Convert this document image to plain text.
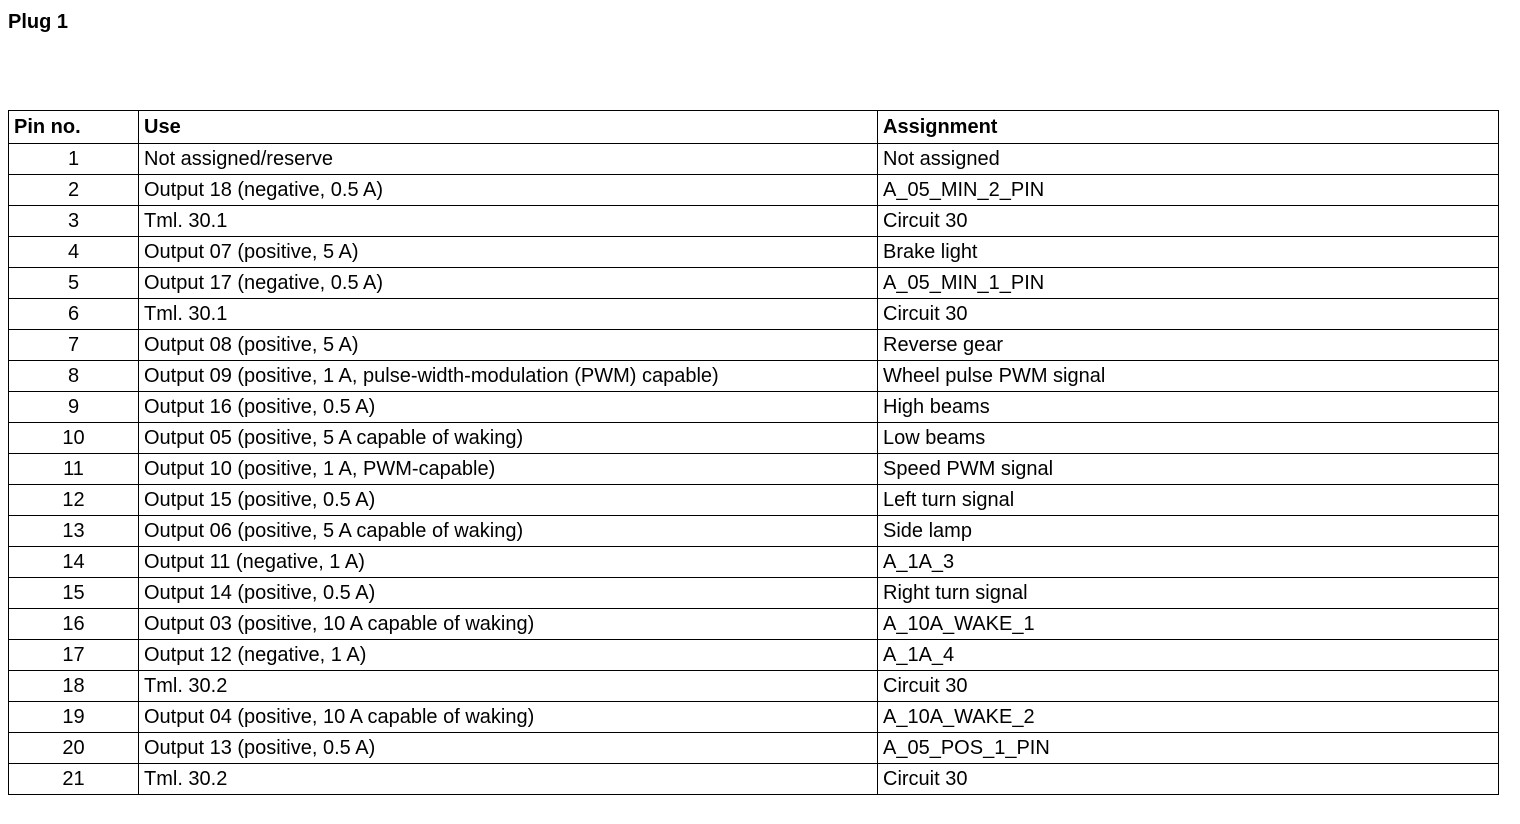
Plug 1
Pin no.	Use	Assignment
1	Not assigned/reserve	Not assigned
2	Output 18 (negative, 0.5 A)	A_05_MIN_2_PIN
3	Tml. 30.1	Circuit 30
4	Output 07 (positive, 5 A)	Brake light
5	Output 17 (negative, 0.5 A)	A_05_MIN_1_PIN
6	Tml. 30.1	Circuit 30
7	Output 08 (positive, 5 A)	Reverse gear
8	Output 09 (positive, 1 A, pulse-width-modulation (PWM) capable)	Wheel pulse PWM signal
9	Output 16 (positive, 0.5 A)	High beams
10	Output 05 (positive, 5 A capable of waking)	Low beams
11	Output 10 (positive, 1 A, PWM-capable)	Speed PWM signal
12	Output 15 (positive, 0.5 A)	Left turn signal
13	Output 06 (positive, 5 A capable of waking)	Side lamp
14	Output 11 (negative, 1 A)	A_1A_3
15	Output 14 (positive, 0.5 A)	Right turn signal
16	Output 03 (positive, 10 A capable of waking)	A_10A_WAKE_1
17	Output 12 (negative, 1 A)	A_1A_4
18	Tml. 30.2	Circuit 30
19	Output 04 (positive, 10 A capable of waking)	A_10A_WAKE_2
20	Output 13 (positive, 0.5 A)	A_05_POS_1_PIN
21	Tml. 30.2	Circuit 30
